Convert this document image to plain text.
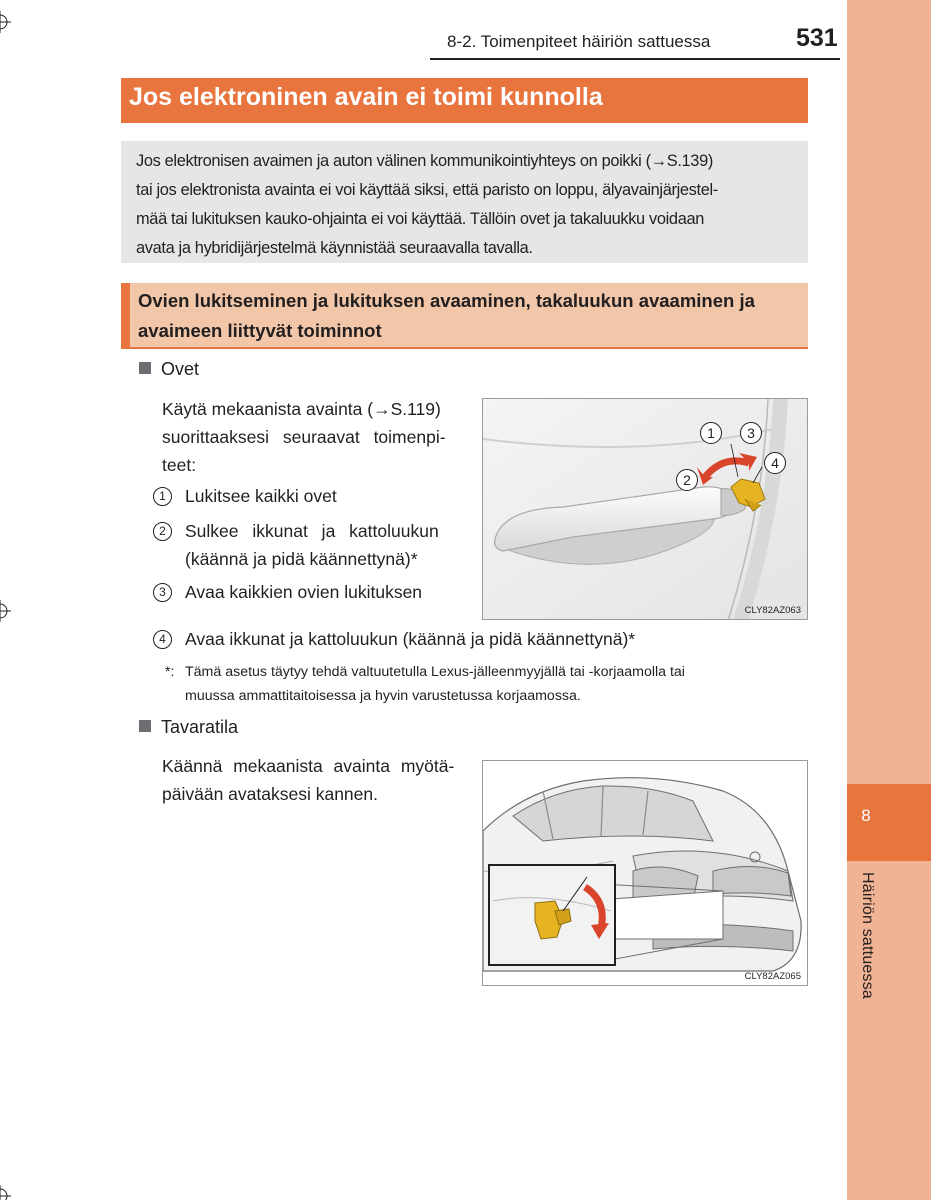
8
Häiriön sattuessa
8-2. Toimenpiteet häiriön sattuessa	531
Jos elektroninen avain ei toimi kunnolla
Jos elektronisen avaimen ja auton välinen kommunikointiyhteys on poikki (→S.139)
tai jos elektronista avainta ei voi käyttää siksi, että paristo on loppu, älyavainjärjestel-
mää tai lukituksen kauko-ohjainta ei voi käyttää. Tällöin ovet ja takaluukku voidaan
avata ja hybridijärjestelmä käynnistää seuraavalla tavalla.
Ovien lukitseminen ja lukituksen avaaminen, takaluukun avaaminen ja
avaimeen liittyvät toiminnot
Ovet
Käytä mekaanista avainta (→S.119)
suorittaaksesi seuraavat toimenpi-
teet:
1	Lukitsee kaikki ovet
2	Sulkee ikkunat ja kattoluukun
(käännä ja pidä käännettynä)*
3	Avaa kaikkien ovien lukituksen
4	Avaa ikkunat ja kattoluukun (käännä ja pidä käännettynä)*
*: Tämä asetus täytyy tehdä valtuutetulla Lexus-jälleenmyyjällä tai -korjaamolla tai
muussa ammattitaitoisessa ja hyvin varustetussa korjaamossa.
1	3
2
4
CLY82AZ063
Tavaratila
Käännä mekaanista avainta myötä-
päivään avataksesi kannen.
CLY82AZ065
